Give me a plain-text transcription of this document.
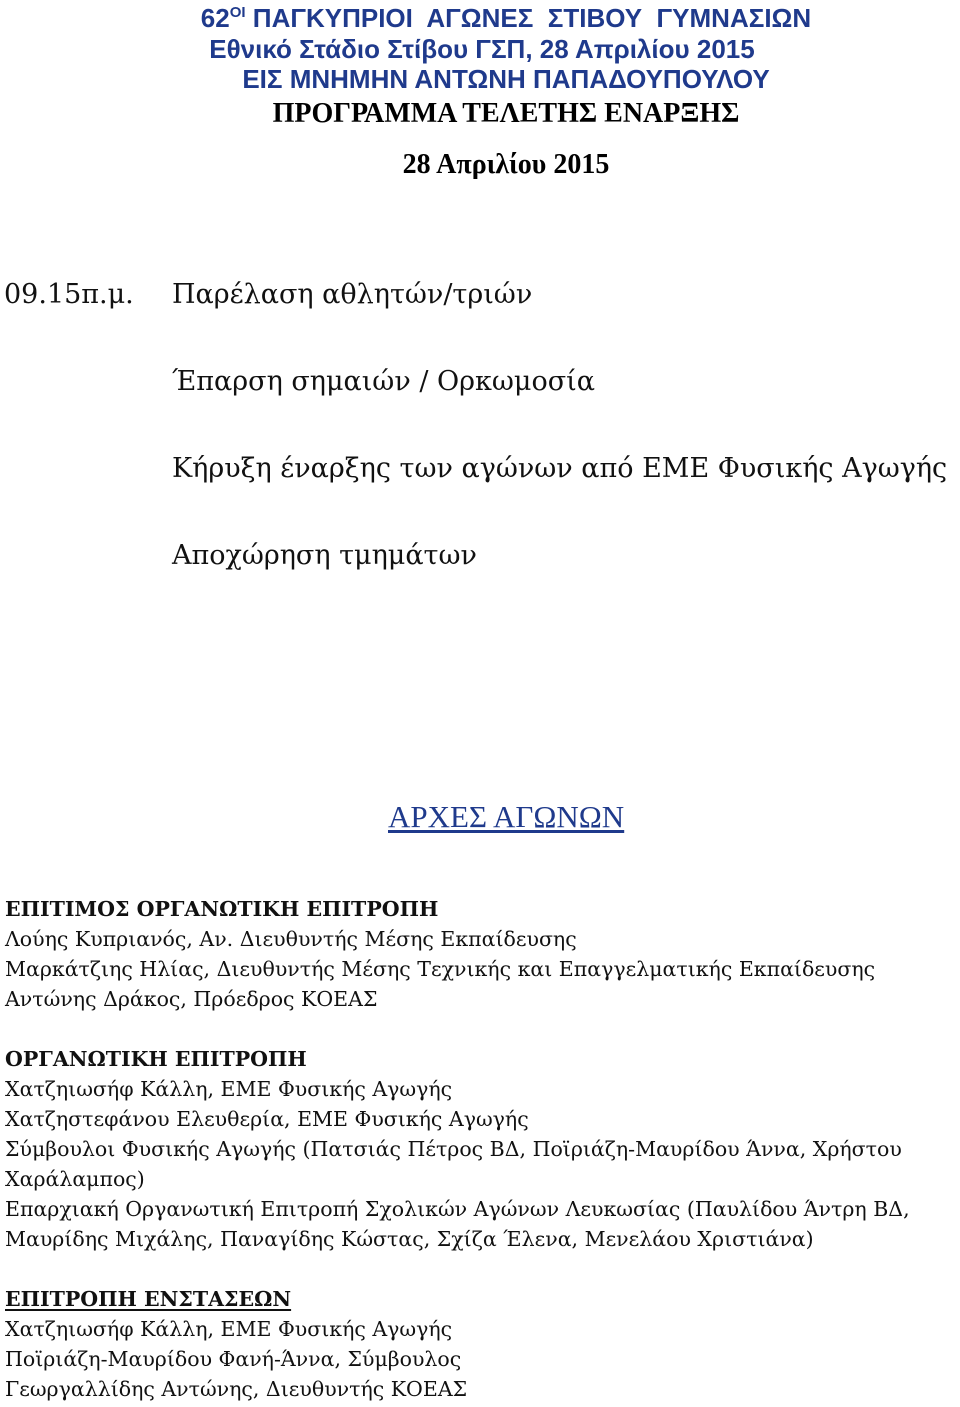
$62^{OI}$ ΠΑΓΚΥΠΡΙΟΙ  ΑΓΩΝΕΣ  ΣΤΙΒΟΥ  ΓΥΜΝΑΣΙΩΝ
Εθνικό Στάδιο Στίβου ΓΣΠ, 28 Απριλίου 2015
ΕΙΣ ΜΝΗΜΗΝ ΑΝΤΩΝΗ ΠΑΠΑΔΟΥΠΟΥΛΟΥ
ΠΡΟΓΡΑΜΜΑ ΤΕΛΕΤΗΣ ΕΝΑΡΞΗΣ
28 Απριλίου 2015
09.15π.μ. Παρέλαση αθλητών/τριών
Έπαρση σημαιών / Ορκωμοσία
Κήρυξη έναρξης των αγώνων από ΕΜΕ Φυσικής Αγωγής
Αποχώρηση τμημάτων
ΑΡΧΕΣ ΑΓΩΝΩΝ
ΕΠΙΤΙΜΟΣ ΟΡΓΑΝΩΤΙΚΗ ΕΠΙΤΡΟΠΗ
Λούης Κυπριανός, Αν. Διευθυντής Μέσης Εκπαίδευσης
Μαρκάτζιης Ηλίας, Διευθυντής Μέσης Τεχνικής και Επαγγελματικής Εκπαίδευσης
Αντώνης Δράκος, Πρόεδρος ΚΟΕΑΣ
ΟΡΓΑΝΩΤΙΚΗ ΕΠΙΤΡΟΠΗ
Χατζηιωσήφ Κάλλη, ΕΜΕ Φυσικής Αγωγής
Χατζηστεφάνου Ελευθερία, ΕΜΕ Φυσικής Αγωγής
Σύμβουλοι Φυσικής Αγωγής (Πατσιάς Πέτρος ΒΔ, Ποϊριάζη-Μαυρίδου Άννα, Χρήστου
Χαράλαμπος)
Επαρχιακή Οργανωτική Επιτροπή Σχολικών Αγώνων Λευκωσίας (Παυλίδου Άντρη ΒΔ,
Μαυρίδης Μιχάλης, Παναγίδης Κώστας, Σχίζα Έλενα, Μενελάου Χριστιάνα)
ΕΠΙΤΡΟΠΗ ΕΝΣΤΑΣΕΩΝ
Χατζηιωσήφ Κάλλη, ΕΜΕ Φυσικής Αγωγής
Ποϊριάζη-Μαυρίδου Φανή-Άννα, Σύμβουλος
Γεωργαλλίδης Αντώνης, Διευθυντής ΚΟΕΑΣ
